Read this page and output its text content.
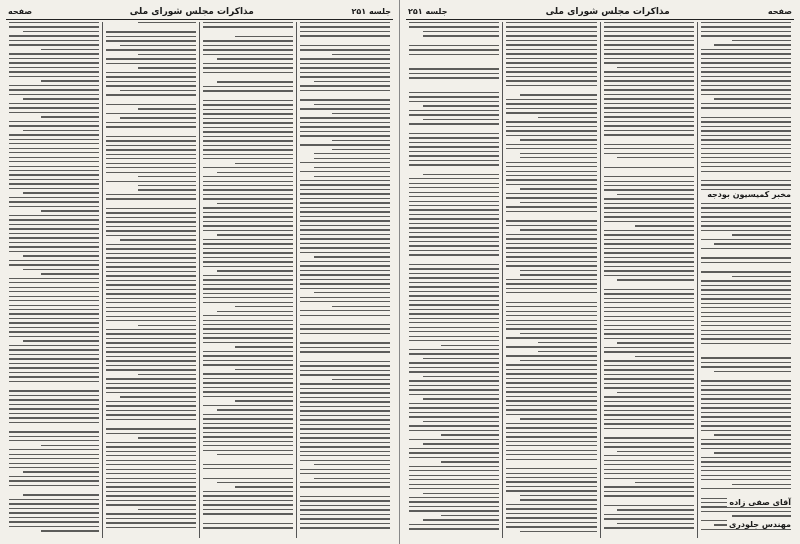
صفحه	مذاکرات مجلس شورای ملی	جلسه ۲۵۱ جلسه ۲۵۱	مذاکرات مجلس شورای ملی	صفحه
مخبر کمیسیون بودجه
آقای صفی زاده
مهندس جلودری
